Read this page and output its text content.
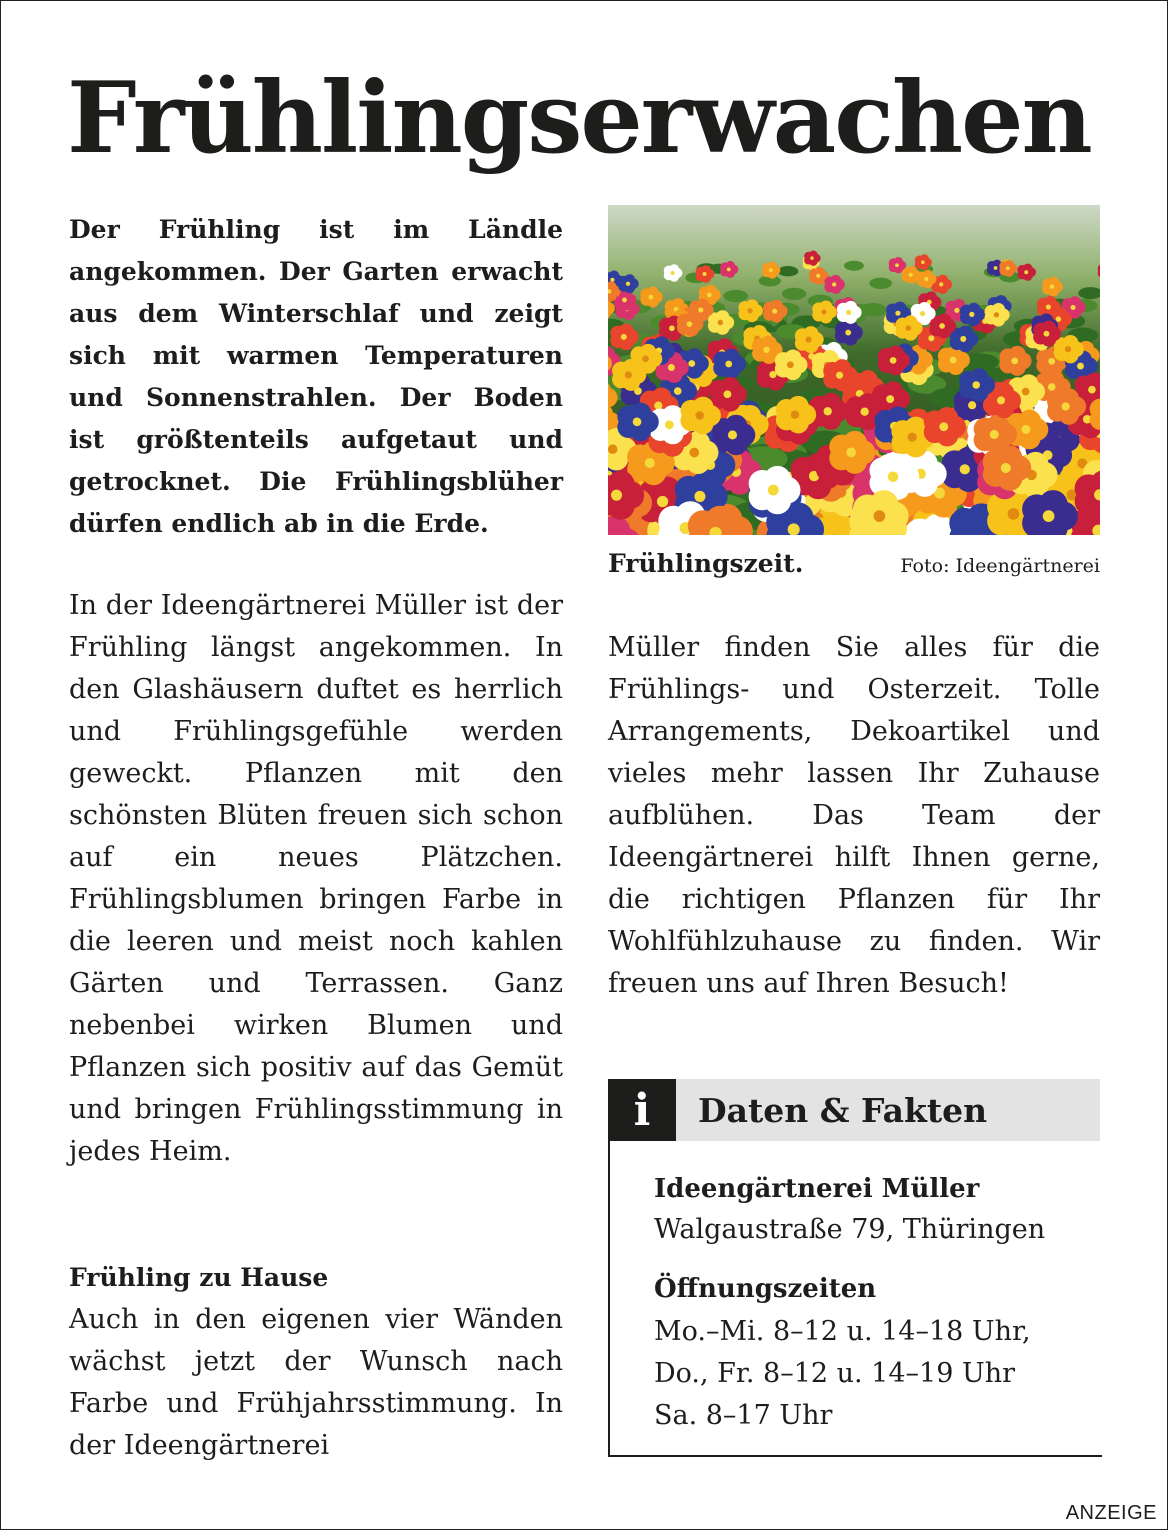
Frühlingserwachen

Der Frühling ist im Ländle angekommen. Der Garten erwacht aus dem Winterschlaf und zeigt sich mit warmen Temperaturen und Sonnenstrahlen. Der Boden ist größtenteils aufgetaut und getrocknet. Die Frühlingsblüher dürfen endlich ab in die Erde.

In der Ideengärtnerei Müller ist der Frühling längst angekommen. In den Glashäusern duftet es herrlich und Frühlingsgefühle werden geweckt. Pflanzen mit den schönsten Blüten freuen sich schon auf ein neues Plätzchen. Frühlingsblumen bringen Farbe in die leeren und meist noch kahlen Gärten und Terrassen. Ganz nebenbei wirken Blumen und Pflanzen sich positiv auf das Gemüt und bringen Frühlingsstimmung in jedes Heim.

Frühling zu Hause

Auch in den eigenen vier Wänden wächst jetzt der Wunsch nach Farbe und Frühjahrsstimmung. In der Ideengärtnerei

Frühlingszeit.	Foto: Ideengärtnerei

Müller finden Sie alles für die Frühlings- und Osterzeit. Tolle Arrangements, Dekoartikel und vieles mehr lassen Ihr Zuhause aufblühen. Das Team der Ideengärtnerei hilft Ihnen gerne, die richtigen Pflanzen für Ihr Wohlfühlzuhause zu finden. Wir freuen uns auf Ihren Besuch!

i	Daten & Fakten
Ideengärtnerei Müller
Walgaustraße 79, Thüringen
Öffnungszeiten
Mo.–Mi. 8–12 u. 14–18 Uhr,
Do., Fr. 8–12 u. 14–19 Uhr
Sa. 8–17 Uhr
ANZEIGE
